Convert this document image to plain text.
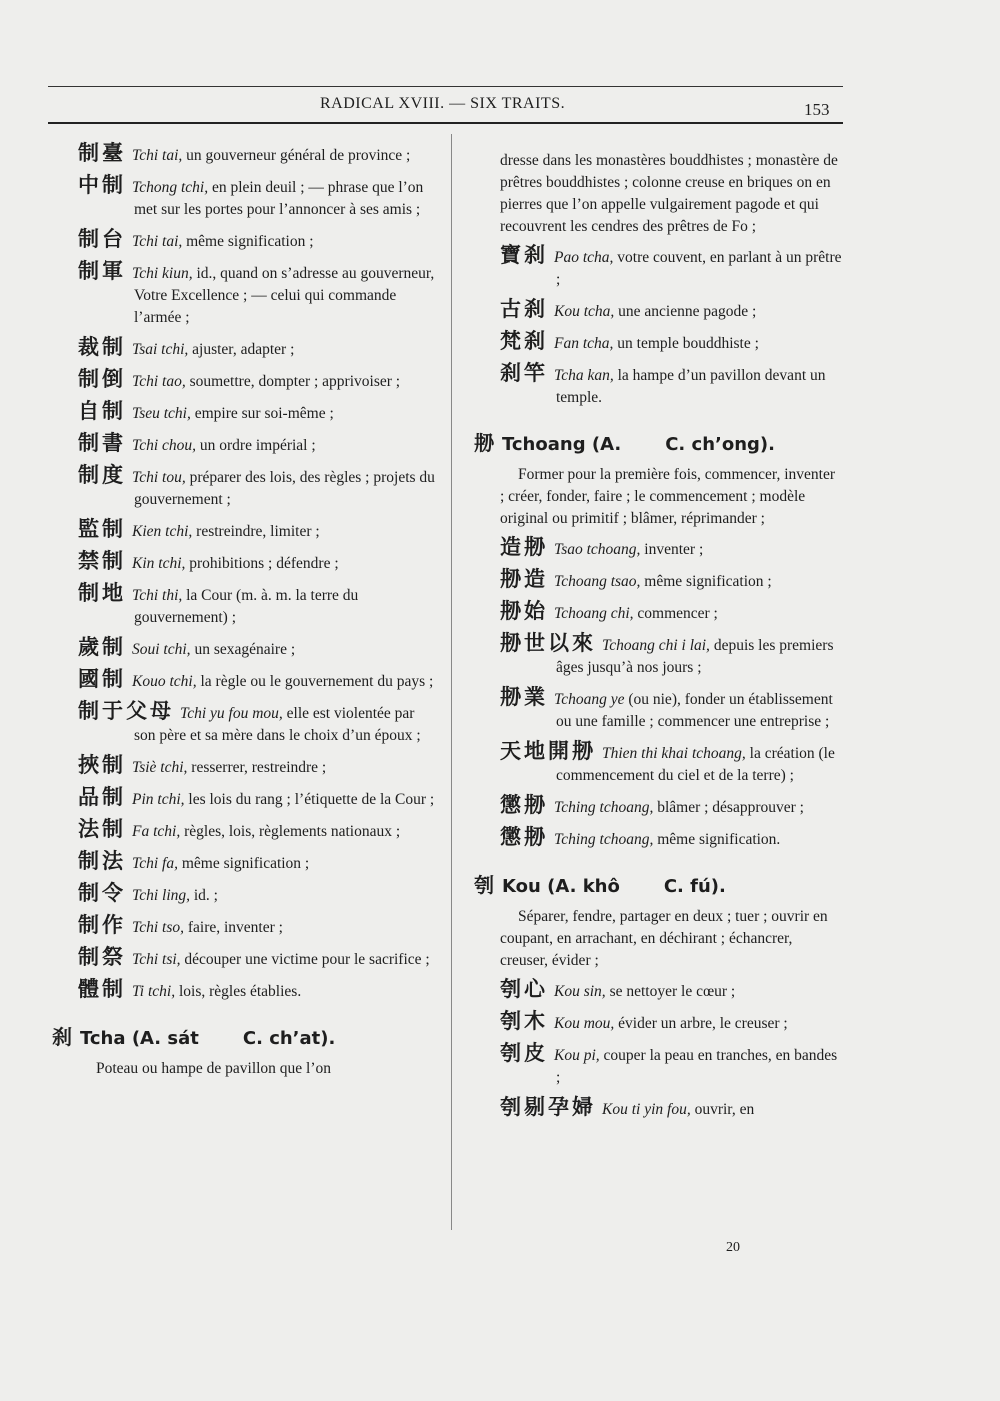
RADICAL XVIII. — SIX TRAITS.	153

制臺 Tchi tai, un gouverneur général de province ;

中制 Tchong tchi, en plein deuil ; — phrase que l’on met sur les portes pour l’annoncer à ses amis ;

制台 Tchi tai, même signification ;

制軍 Tchi kiun, id., quand on s’adresse au gouverneur, Votre Excellence ; — celui qui commande l’armée ;

裁制 Tsai tchi, ajuster, adapter ;

制倒 Tchi tao, soumettre, dompter ; apprivoiser ;

自制 Tseu tchi, empire sur soi-même ;

制書 Tchi chou, un ordre impérial ;

制度 Tchi tou, préparer des lois, des règles ; projets du gouvernement ;

監制 Kien tchi, restreindre, limiter ;

禁制 Kin tchi, prohibitions ; défendre ;

制地 Tchi thi, la Cour (m. à. m. la terre du gouvernement) ;

歲制 Soui tchi, un sexagénaire ;

國制 Kouo tchi, la règle ou le gouvernement du pays ;

制于父母 Tchi yu fou mou, elle est violentée par son père et sa mère dans le choix d’un époux ;

挾制 Tsiè tchi, resserrer, restreindre ;

品制 Pin tchi, les lois du rang ; l’étiquette de la Cour ;

法制 Fa tchi, règles, lois, règlements nationaux ;

制法 Tchi fa, même signification ;

制令 Tchi ling, id. ;

制作 Tchi tso, faire, inventer ;

制祭 Tchi tsi, découper une victime pour le sacrifice ;

體制 Ti tchi, lois, règles établies.

刹 Tcha (A. sát C. ch’at).

Poteau ou hampe de pavillon que l’on

dresse dans les monastères bouddhistes ; monastère de prêtres bouddhistes ; colonne creuse en briques on en pierres que l’on appelle vulgairement pagode et qui recouvrent les cendres des prêtres de Fo ;

寶刹 Pao tcha, votre couvent, en parlant à un prêtre ;

古刹 Kou tcha, une ancienne pagode ;

梵刹 Fan tcha, un temple bouddhiste ;

刹竿 Tcha kan, la hampe d’un pavillon devant un temple.

刱 Tchoang (A. C. ch’ong).

Former pour la première fois, commencer, inventer ; créer, fonder, faire ; le commencement ; modèle original ou primitif ; blâmer, réprimander ;

造刱 Tsao tchoang, inventer ;

刱造 Tchoang tsao, même signification ;

刱始 Tchoang chi, commencer ;

刱世以來 Tchoang chi i lai, depuis les premiers âges jusqu’à nos jours ;

刱業 Tchoang ye (ou nie), fonder un établissement ou une famille ; commencer une entreprise ;

天地開刱 Thien thi khai tchoang, la création (le commencement du ciel et de la terre) ;

懲刱 Tching tchoang, blâmer ; désapprouver ;

懲刱 Tching tchoang, même signification.

刳 Kou (A. khô C. fú).

Séparer, fendre, partager en deux ; tuer ; ouvrir en coupant, en arrachant, en déchirant ; échancrer, creuser, évider ;

刳心 Kou sin, se nettoyer le cœur ;

刳木 Kou mou, évider un arbre, le creuser ;

刳皮 Kou pi, couper la peau en tranches, en bandes ;

刳剔孕婦 Kou ti yin fou, ouvrir, en

20
